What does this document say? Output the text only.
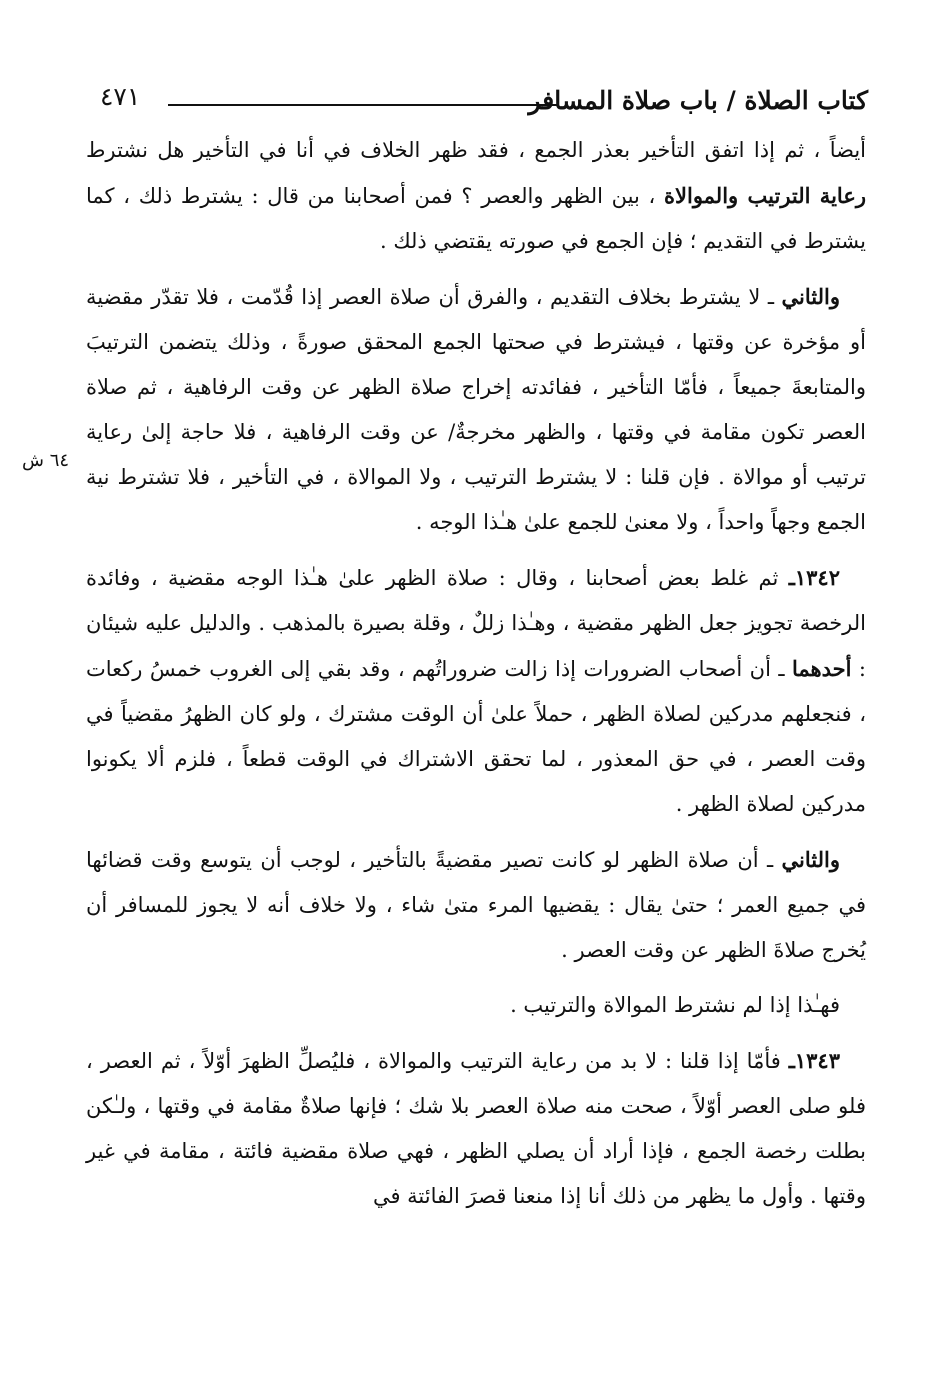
كتاب الصلاة / باب صلاة المسافر
٤٧١
٦٤ ش

أيضاً ، ثم إذا اتفق التأخير بعذر الجمع ، فقد ظهر الخلاف في أنا في التأخير هل نشترط رعاية الترتيب والموالاة ، بين الظهر والعصر ؟ فمن أصحابنا من قال : يشترط ذلك ، كما يشترط في التقديم ؛ فإن الجمع في صورته يقتضي ذلك .

والثاني ـ لا يشترط بخلاف التقديم ، والفرق أن صلاة العصر إذا قُدّمت ، فلا تقدّر مقضية أو مؤخرة عن وقتها ، فيشترط في صحتها الجمع المحقق صورةً ، وذلك يتضمن الترتيبَ والمتابعةَ جميعاً ، فأمّا التأخير ، ففائدته إخراج صلاة الظهر عن وقت الرفاهية ، ثم صلاة العصر تكون مقامة في وقتها ، والظهر مخرجةٌ/ عن وقت الرفاهية ، فلا حاجة إلىٰ رعاية ترتيب أو موالاة . فإن قلنا : لا يشترط الترتيب ، ولا الموالاة ، في التأخير ، فلا تشترط نية الجمع وجهاً واحداً ، ولا معنىٰ للجمع علىٰ هـٰذا الوجه .

١٣٤٢ـ ثم غلط بعض أصحابنا ، وقال : صلاة الظهر علىٰ هـٰذا الوجه مقضية ، وفائدة الرخصة تجويز جعل الظهر مقضية ، وهـٰذا زللٌ ، وقلة بصيرة بالمذهب . والدليل عليه شيئان : أحدهما ـ أن أصحاب الضرورات إذا زالت ضروراتُهم ، وقد بقي إلى الغروب خمسُ ركعات ، فنجعلهم مدركين لصلاة الظهر ، حملاً علىٰ أن الوقت مشترك ، ولو كان الظهرُ مقضياً في وقت العصر ، في حق المعذور ، لما تحقق الاشتراك في الوقت قطعاً ، فلزم ألا يكونوا مدركين لصلاة الظهر .

والثاني ـ أن صلاة الظهر لو كانت تصير مقضيةً بالتأخير ، لوجب أن يتوسع وقت قضائها في جميع العمر ؛ حتىٰ يقال : يقضيها المرء متىٰ شاء ، ولا خلاف أنه لا يجوز للمسافر أن يُخرج صلاةَ الظهر عن وقت العصر .

فهـٰذا إذا لم نشترط الموالاة والترتيب .

١٣٤٣ـ فأمّا إذا قلنا : لا بد من رعاية الترتيب والموالاة ، فليُصلِّ الظهرَ أوّلاً ، ثم العصر ، فلو صلى العصر أوّلاً ، صحت منه صلاة العصر بلا شك ؛ فإنها صلاةٌ مقامة في وقتها ، ولـٰكن بطلت رخصة الجمع ، فإذا أراد أن يصلي الظهر ، فهي صلاة مقضية فائتة ، مقامة في غير وقتها . وأول ما يظهر من ذلك أنا إذا منعنا قصرَ الفائتة في
